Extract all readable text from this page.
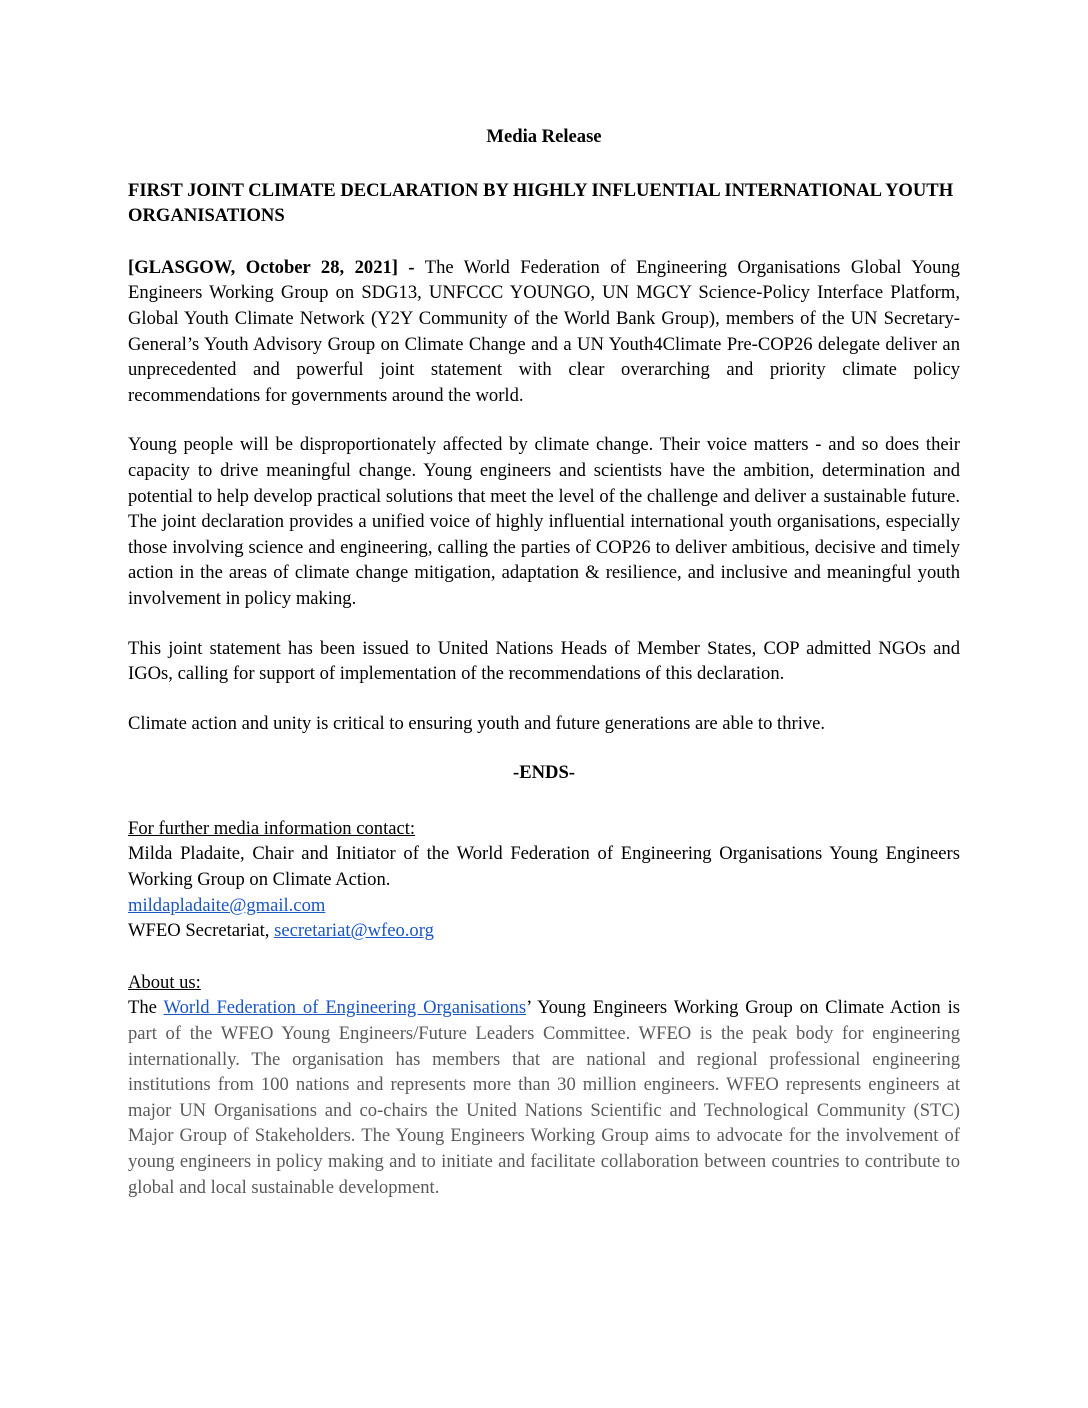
Media Release
FIRST JOINT CLIMATE DECLARATION BY HIGHLY INFLUENTIAL INTERNATIONAL YOUTH ORGANISATIONS

[GLASGOW, October 28, 2021] - The World Federation of Engineering Organisations Global Young Engineers Working Group on SDG13, UNFCCC YOUNGO, UN MGCY Science-Policy Interface Platform, Global Youth Climate Network (Y2Y Community of the World Bank Group), members of the UN Secretary-General’s Youth Advisory Group on Climate Change and a UN Youth4Climate Pre-COP26 delegate deliver an unprecedented and powerful joint statement with clear overarching and priority climate policy recommendations for governments around the world.

Young people will be disproportionately affected by climate change. Their voice matters - and so does their capacity to drive meaningful change. Young engineers and scientists have the ambition, determination and potential to help develop practical solutions that meet the level of the challenge and deliver a sustainable future. The joint declaration provides a unified voice of highly influential international youth organisations, especially those involving science and engineering, calling the parties of COP26 to deliver ambitious, decisive and timely action in the areas of climate change mitigation, adaptation & resilience, and inclusive and meaningful youth involvement in policy making.

This joint statement has been issued to United Nations Heads of Member States, COP admitted NGOs and IGOs, calling for support of implementation of the recommendations of this declaration.

Climate action and unity is critical to ensuring youth and future generations are able to thrive.

-ENDS-
For further media information contact:
Milda Pladaite, Chair and Initiator of the World Federation of Engineering Organisations Young Engineers Working Group on Climate Action.
mildapladaite@gmail.com
WFEO Secretariat, secretariat@wfeo.org
About us:

The World Federation of Engineering Organisations’ Young Engineers Working Group on Climate Action is part of the WFEO Young Engineers/Future Leaders Committee. WFEO is the peak body for engineering internationally. The organisation has members that are national and regional professional engineering institutions from 100 nations and represents more than 30 million engineers. WFEO represents engineers at major UN Organisations and co-chairs the United Nations Scientific and Technological Community (STC) Major Group of Stakeholders. The Young Engineers Working Group aims to advocate for the involvement of young engineers in policy making and to initiate and facilitate collaboration between countries to contribute to global and local sustainable development.
